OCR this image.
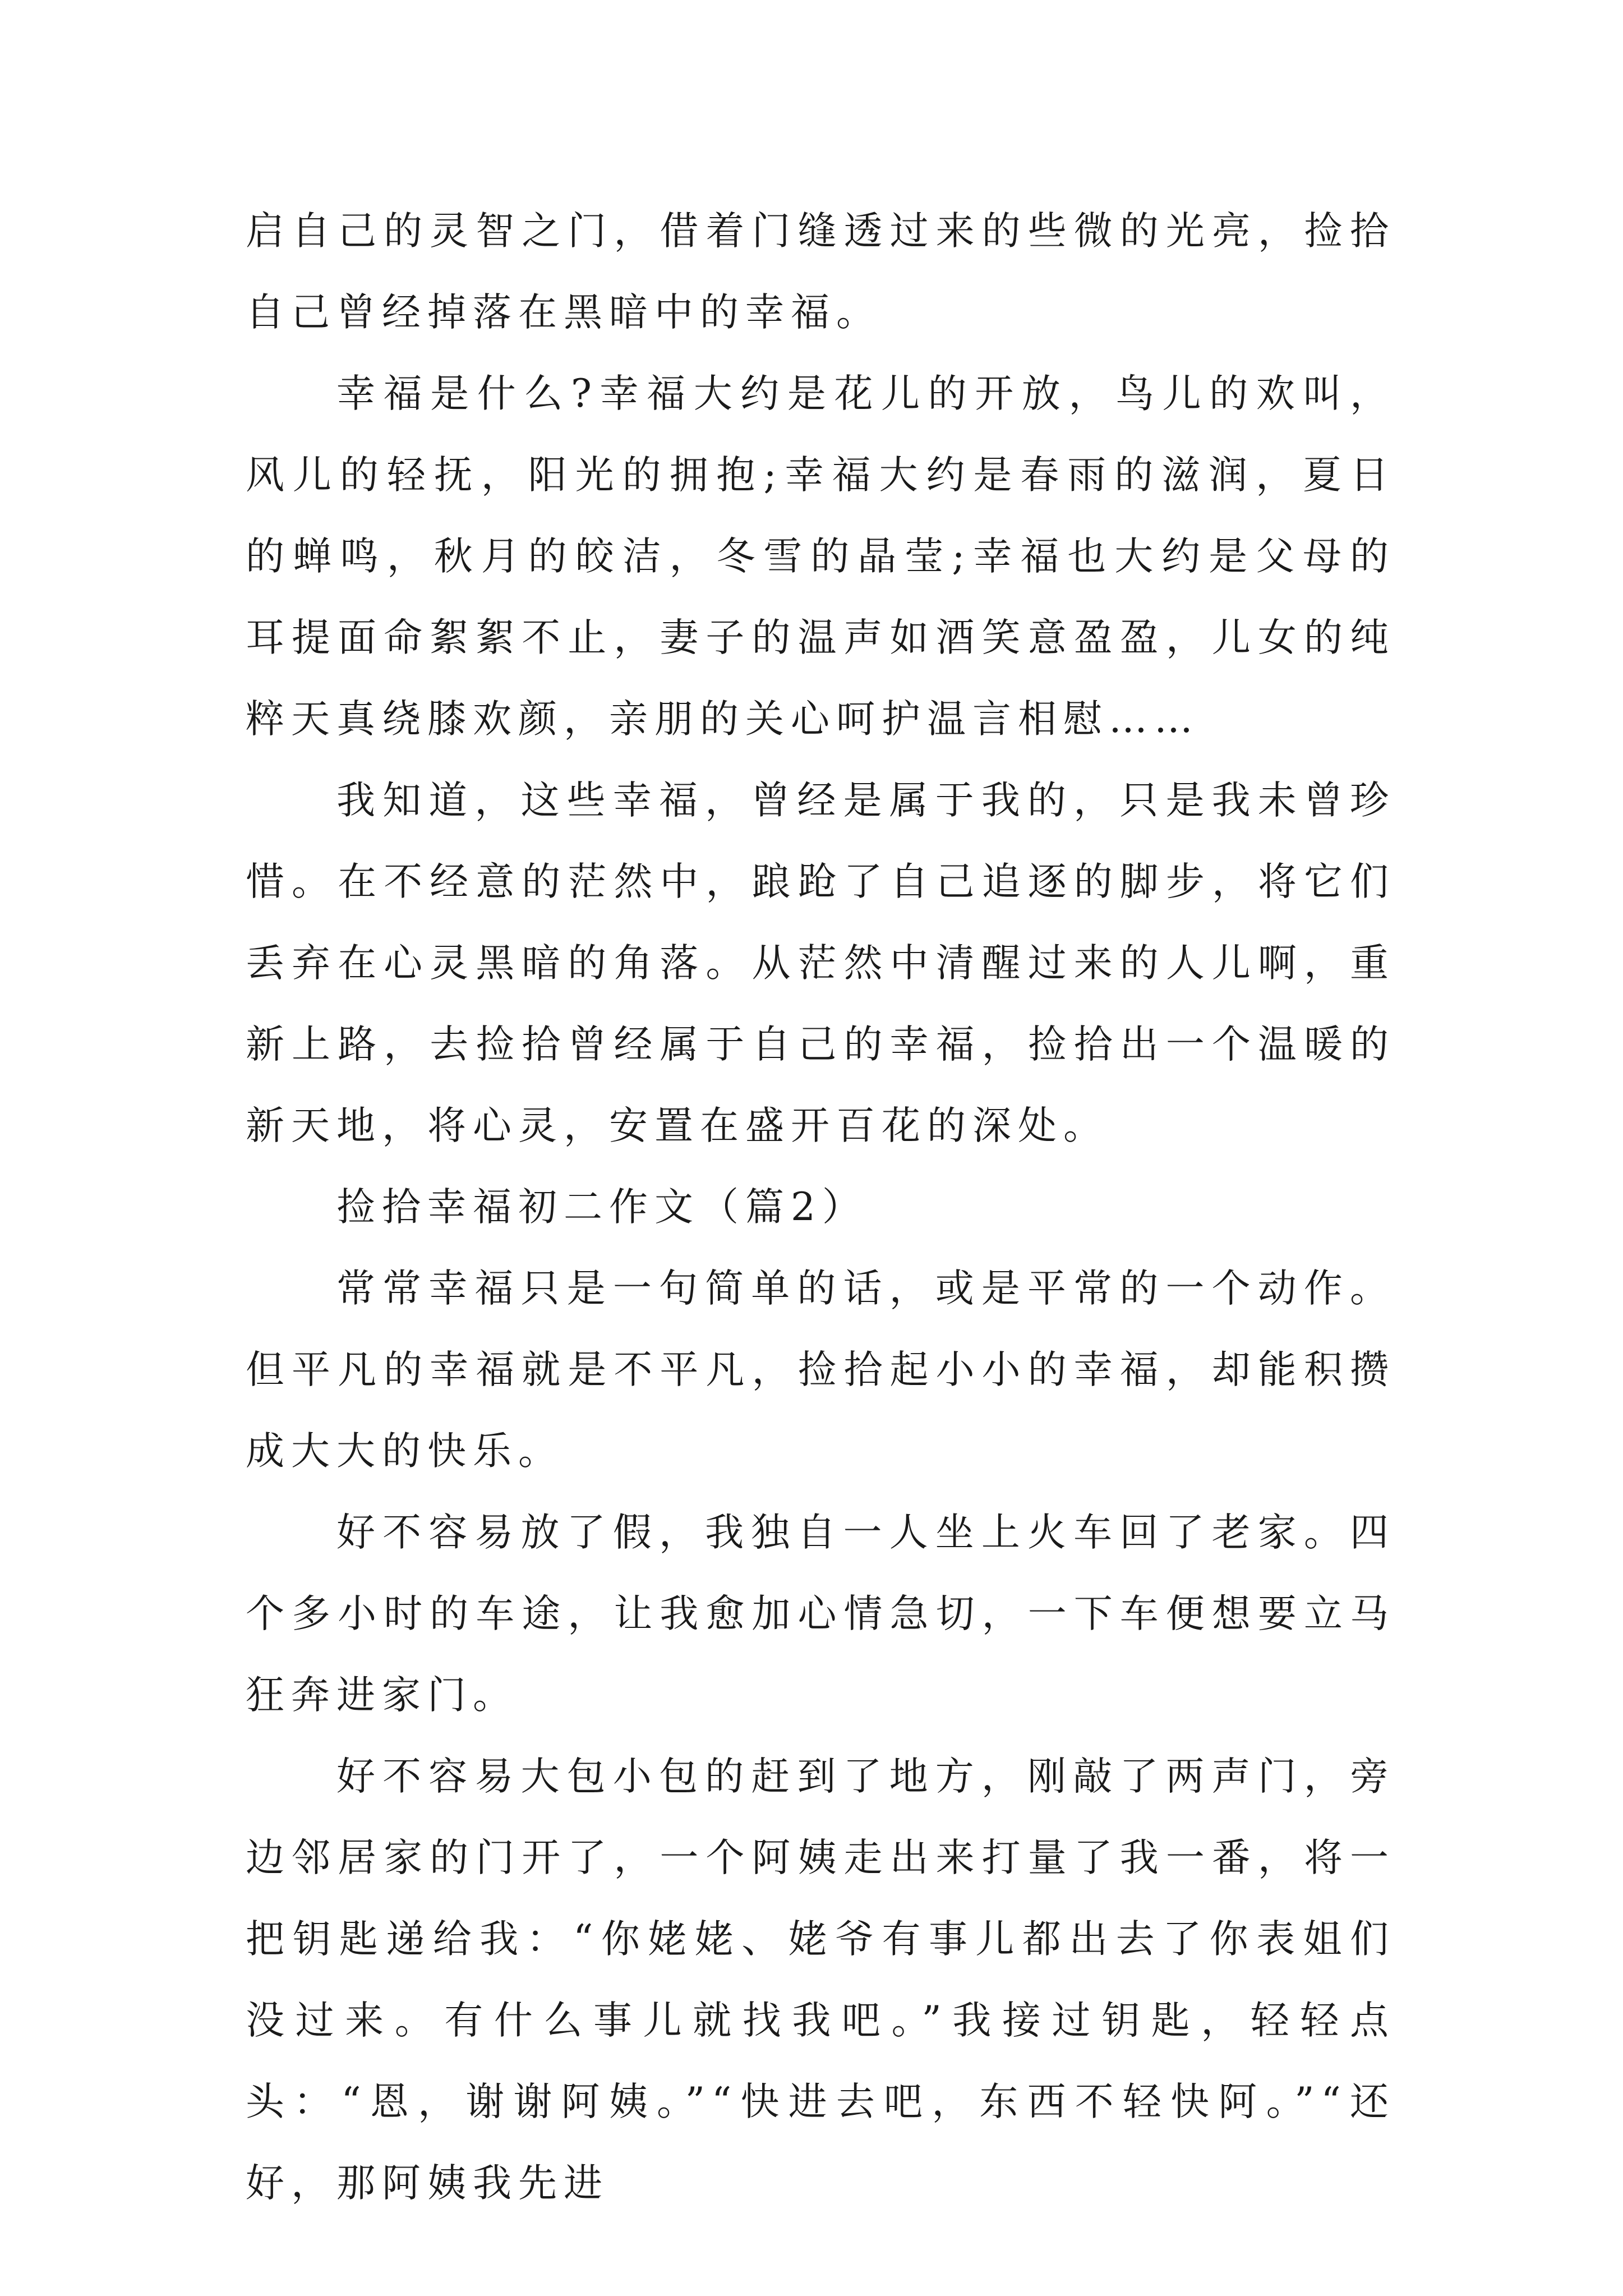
启自己的灵智之门，借着门缝透过来的些微的光亮，捡拾自己曾经掉落在黑暗中的幸福。

幸福是什么?幸福大约是花儿的开放，鸟儿的欢叫，风儿的轻抚，阳光的拥抱;幸福大约是春雨的滋润，夏日的蝉鸣，秋月的皎洁，冬雪的晶莹;幸福也大约是父母的耳提面命絮絮不止，妻子的温声如酒笑意盈盈，儿女的纯粹天真绕膝欢颜，亲朋的关心呵护温言相慰……

我知道，这些幸福，曾经是属于我的，只是我未曾珍惜。在不经意的茫然中，踉跄了自己追逐的脚步，将它们丢弃在心灵黑暗的角落。从茫然中清醒过来的人儿啊，重新上路，去捡拾曾经属于自己的幸福，捡拾出一个温暖的新天地，将心灵，安置在盛开百花的深处。

捡拾幸福初二作文（篇2）

常常幸福只是一句简单的话，或是平常的一个动作。但平凡的幸福就是不平凡，捡拾起小小的幸福，却能积攒成大大的快乐。

好不容易放了假，我独自一人坐上火车回了老家。四个多小时的车途，让我愈加心情急切，一下车便想要立马狂奔进家门。

好不容易大包小包的赶到了地方，刚敲了两声门，旁边邻居家的门开了，一个阿姨走出来打量了我一番，将一把钥匙递给我：“你姥姥、姥爷有事儿都出去了你表姐们没过来。有什么事儿就找我吧。”我接过钥匙，轻轻点头：“恩，谢谢阿姨。”“快进去吧，东西不轻快阿。”“还好，那阿姨我先进
